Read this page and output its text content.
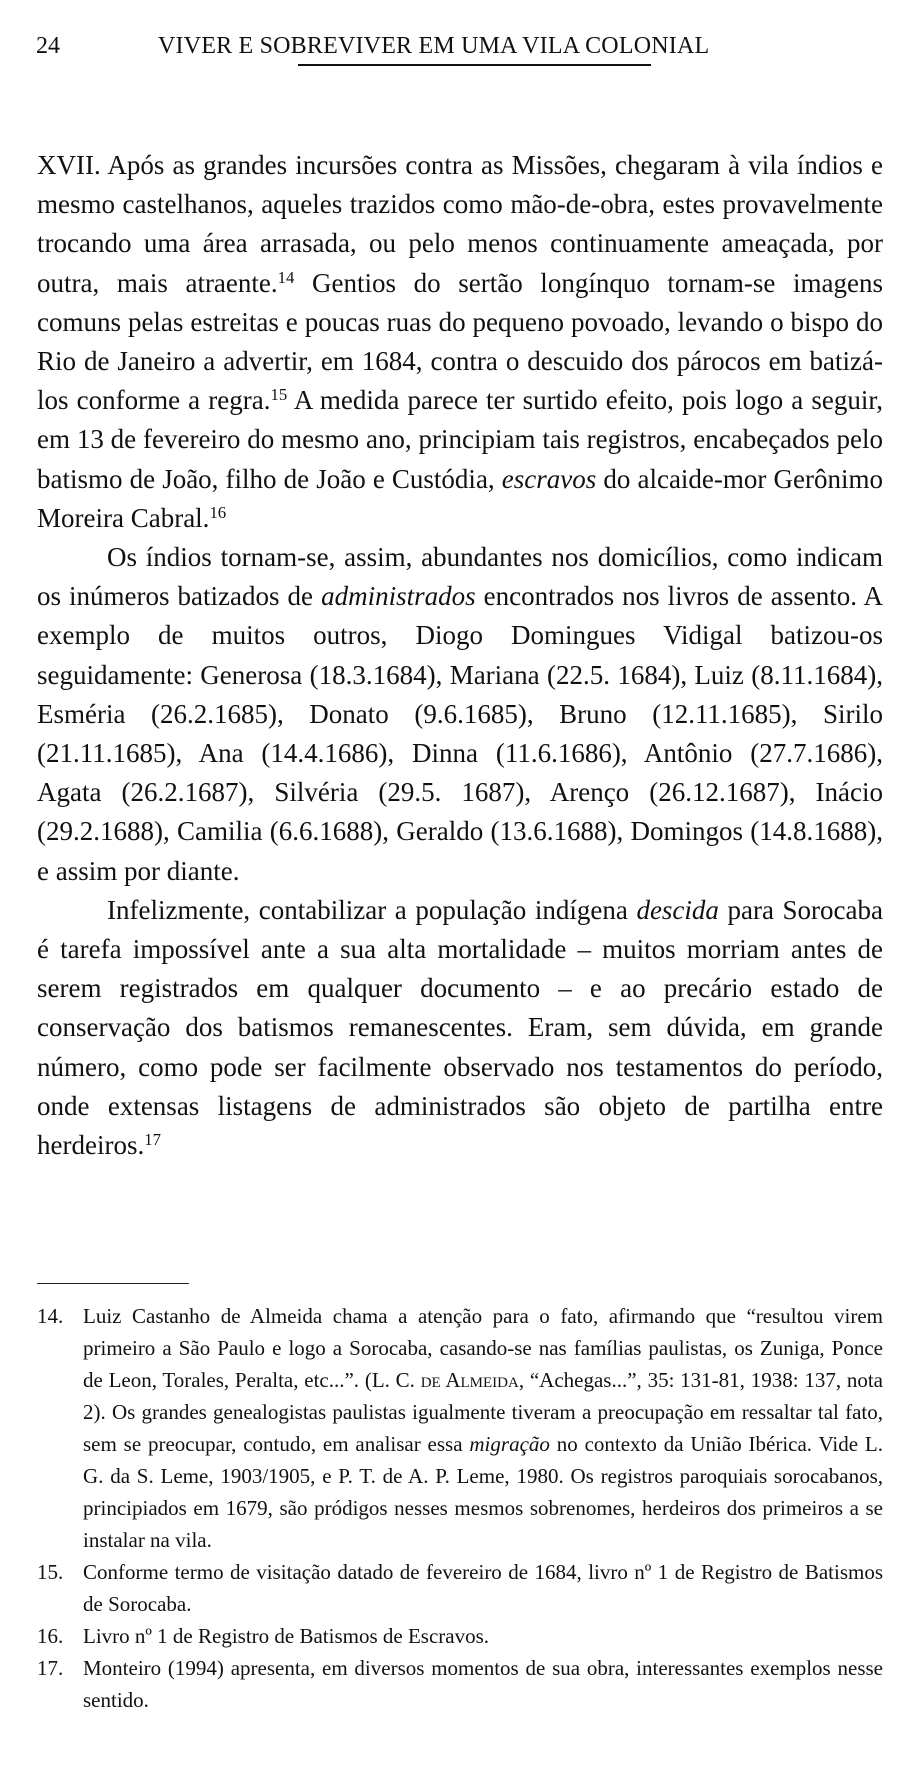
24	VIVER E SOBREVIVER EM UMA VILA COLONIAL

XVII. Após as grandes incursões contra as Missões, chegaram à vila índios e mesmo castelhanos, aqueles trazidos como mão-de-obra, estes provavelmente trocando uma área arrasada, ou pelo menos continuamente ameaçada, por outra, mais atraente.$^{14}$ Gentios do sertão longínquo tornam-se imagens comuns pelas estreitas e poucas ruas do pequeno povoado, levando o bispo do Rio de Janeiro a advertir, em 1684, contra o descuido dos párocos em batizá-los conforme a regra.$^{15}$ A medida parece ter surtido efeito, pois logo a seguir, em 13 de fevereiro do mesmo ano, principiam tais registros, encabeçados pelo batismo de João, filho de João e Custódia, escravos do alcaide-mor Gerônimo Moreira Cabral.$^{16}$

Os índios tornam-se, assim, abundantes nos domicílios, como indicam os inúmeros batizados de administrados encontrados nos livros de assento. A exemplo de muitos outros, Diogo Domingues Vidigal batizou-os seguidamente: Generosa (18.3.1684), Mariana (22.5. 1684), Luiz (8.11.1684), Esméria (26.2.1685), Donato (9.6.1685), Bruno (12.11.1685), Sirilo (21.11.1685), Ana (14.4.1686), Dinna (11.6.1686), Antônio (27.7.1686), Agata (26.2.1687), Silvéria (29.5. 1687), Arenço (26.12.1687), Inácio (29.2.1688), Camilia (6.6.1688), Geraldo (13.6.1688), Domingos (14.8.1688), e assim por diante.

Infelizmente, contabilizar a população indígena descida para Sorocaba é tarefa impossível ante a sua alta mortalidade – muitos morriam antes de serem registrados em qualquer documento – e ao precário estado de conservação dos batismos remanescentes. Eram, sem dúvida, em grande número, como pode ser facilmente observado nos testamentos do período, onde extensas listagens de administrados são objeto de partilha entre herdeiros.$^{17}$

14. Luiz Castanho de Almeida chama a atenção para o fato, afirmando que “resultou virem primeiro a São Paulo e logo a Sorocaba, casando-se nas famílias paulistas, os Zuniga, Ponce de Leon, Torales, Peralta, etc...”. (L. C. de Almeida, “Achegas...”, 35: 131-81, 1938: 137, nota 2). Os grandes genealogistas paulistas igualmente tiveram a preocupação em ressaltar tal fato, sem se preocupar, contudo, em analisar essa migração no contexto da União Ibérica. Vide L. G. da S. Leme, 1903/1905, e P. T. de A. P. Leme, 1980. Os registros paroquiais sorocabanos, principiados em 1679, são pródigos nesses mesmos sobrenomes, herdeiros dos primeiros a se instalar na vila.
15. Conforme termo de visitação datado de fevereiro de 1684, livro nº 1 de Registro de Batismos de Sorocaba.
16. Livro nº 1 de Registro de Batismos de Escravos.
17. Monteiro (1994) apresenta, em diversos momentos de sua obra, interessantes exemplos nesse sentido.
